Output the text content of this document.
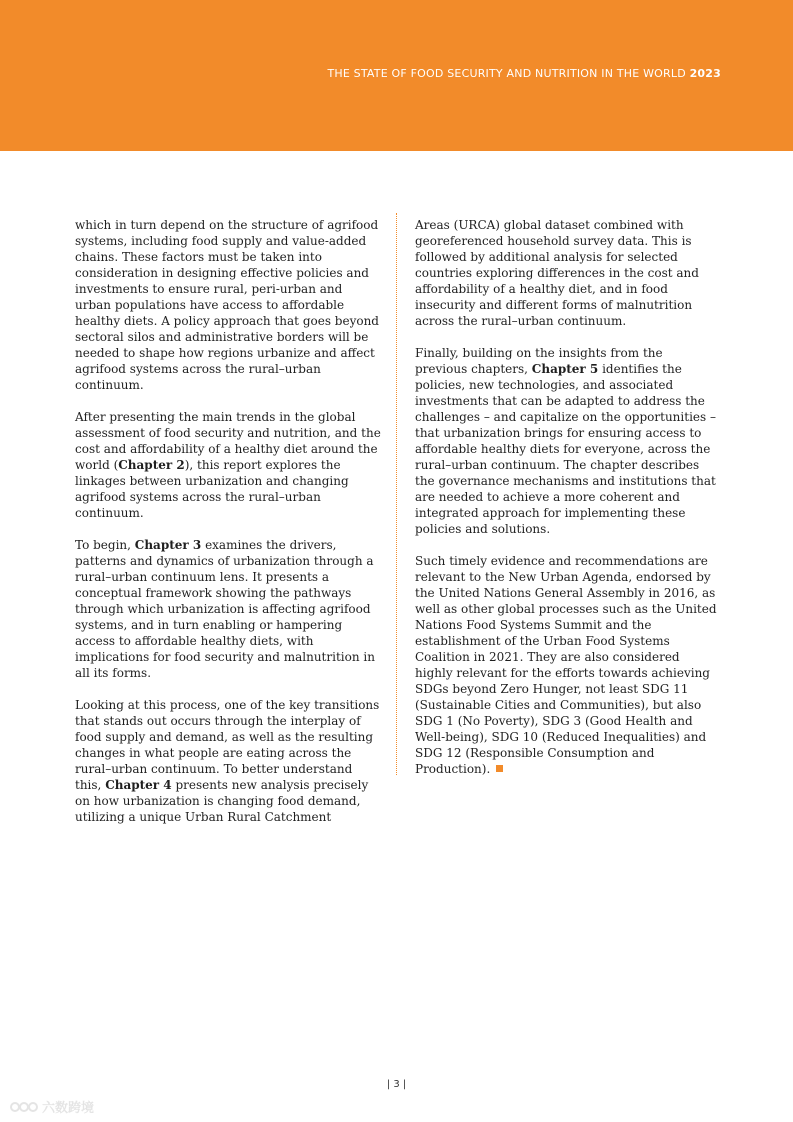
THE STATE OF FOOD SECURITY AND NUTRITION IN THE WORLD 2023

which in turn depend on the structure of agrifood systems, including food supply and value-added chains. These factors must be taken into consideration in designing effective policies and investments to ensure rural, peri-urban and urban populations have access to affordable healthy diets. A policy approach that goes beyond sectoral silos and administrative borders will be needed to shape how regions urbanize and affect agrifood systems across the rural–urban continuum.

After presenting the main trends in the global assessment of food security and nutrition, and the cost and affordability of a healthy diet around the world (Chapter 2), this report explores the linkages between urbanization and changing agrifood systems across the rural–urban continuum.

To begin, Chapter 3 examines the drivers, patterns and dynamics of urbanization through a rural–urban continuum lens. It presents a conceptual framework showing the pathways through which urbanization is affecting agrifood systems, and in turn enabling or hampering access to affordable healthy diets, with implications for food security and malnutrition in all its forms.

Looking at this process, one of the key transitions that stands out occurs through the interplay of food supply and demand, as well as the resulting changes in what people are eating across the rural–urban continuum. To better understand this, Chapter 4 presents new analysis precisely on how urbanization is changing food demand, utilizing a unique Urban Rural Catchment

Areas (URCA) global dataset combined with georeferenced household survey data. This is followed by additional analysis for selected countries exploring differences in the cost and affordability of a healthy diet, and in food insecurity and different forms of malnutrition across the rural–urban continuum.

Finally, building on the insights from the previous chapters, Chapter 5 identifies the policies, new technologies, and associated investments that can be adapted to address the challenges – and capitalize on the opportunities – that urbanization brings for ensuring access to affordable healthy diets for everyone, across the rural–urban continuum. The chapter describes the governance mechanisms and institutions that are needed to achieve a more coherent and integrated approach for implementing these policies and solutions.

Such timely evidence and recommendations are relevant to the New Urban Agenda, endorsed by the United Nations General Assembly in 2016, as well as other global processes such as the United Nations Food Systems Summit and the establishment of the Urban Food Systems Coalition in 2021. They are also considered highly relevant for the efforts towards achieving SDGs beyond Zero Hunger, not least SDG 11 (Sustainable Cities and Communities), but also SDG 1 (No Poverty), SDG 3 (Good Health and Well-being), SDG 10 (Reduced Inequalities) and SDG 12 (Responsible Consumption and Production).

| 3 |
六数跨境
